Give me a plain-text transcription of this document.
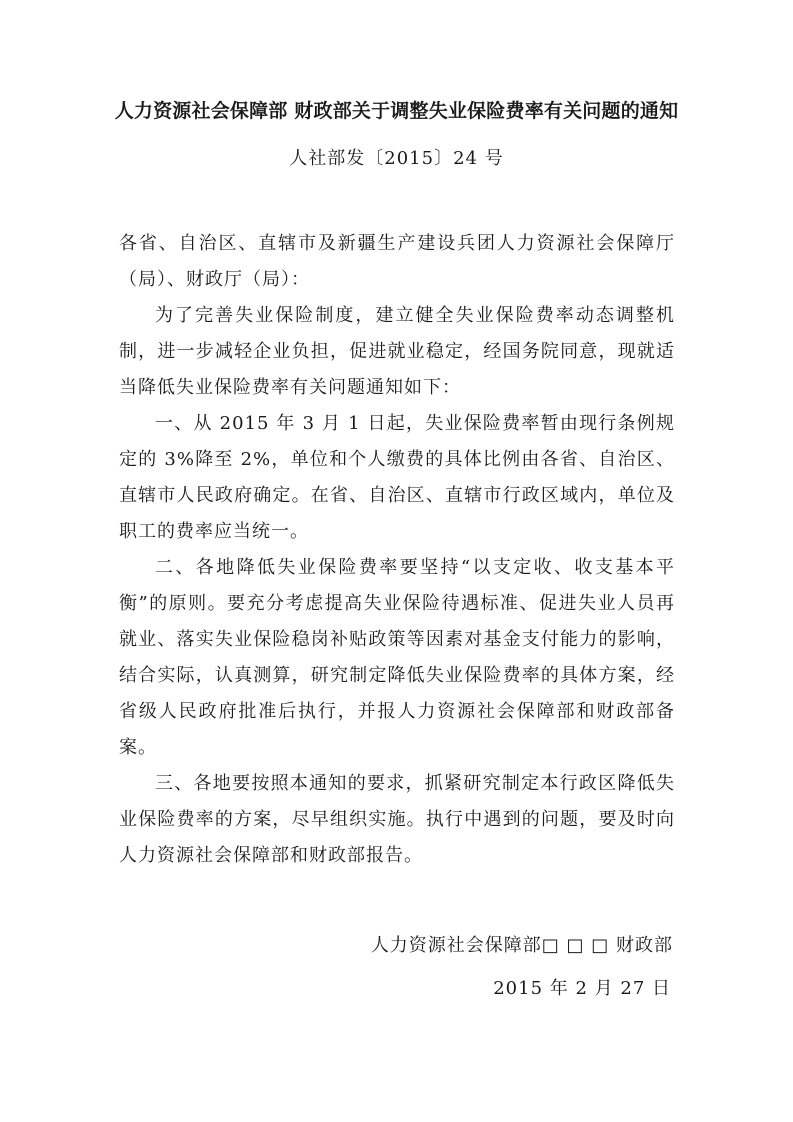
人力资源社会保障部 财政部关于调整失业保险费率有关问题的通知
人社部发〔2015〕24 号

各省、自治区、直辖市及新疆生产建设兵团人力资源社会保障厅（局）、财政厅（局）：

为了完善失业保险制度，建立健全失业保险费率动态调整机制，进一步减轻企业负担，促进就业稳定，经国务院同意，现就适当降低失业保险费率有关问题通知如下：

一、从 2015 年 3 月 1 日起，失业保险费率暂由现行条例规定的 3%降至 2%，单位和个人缴费的具体比例由各省、自治区、直辖市人民政府确定。在省、自治区、直辖市行政区域内，单位及职工的费率应当统一。

二、各地降低失业保险费率要坚持“以支定收、收支基本平衡”的原则。要充分考虑提高失业保险待遇标准、促进失业人员再就业、落实失业保险稳岗补贴政策等因素对基金支付能力的影响，结合实际，认真测算，研究制定降低失业保险费率的具体方案，经省级人民政府批准后执行，并报人力资源社会保障部和财政部备案。

三、各地要按照本通知的要求，抓紧研究制定本行政区降低失业保险费率的方案，尽早组织实施。执行中遇到的问题，要及时向人力资源社会保障部和财政部报告。

人力资源社会保障部□ □ □ 财政部
2015 年 2 月 27 日
